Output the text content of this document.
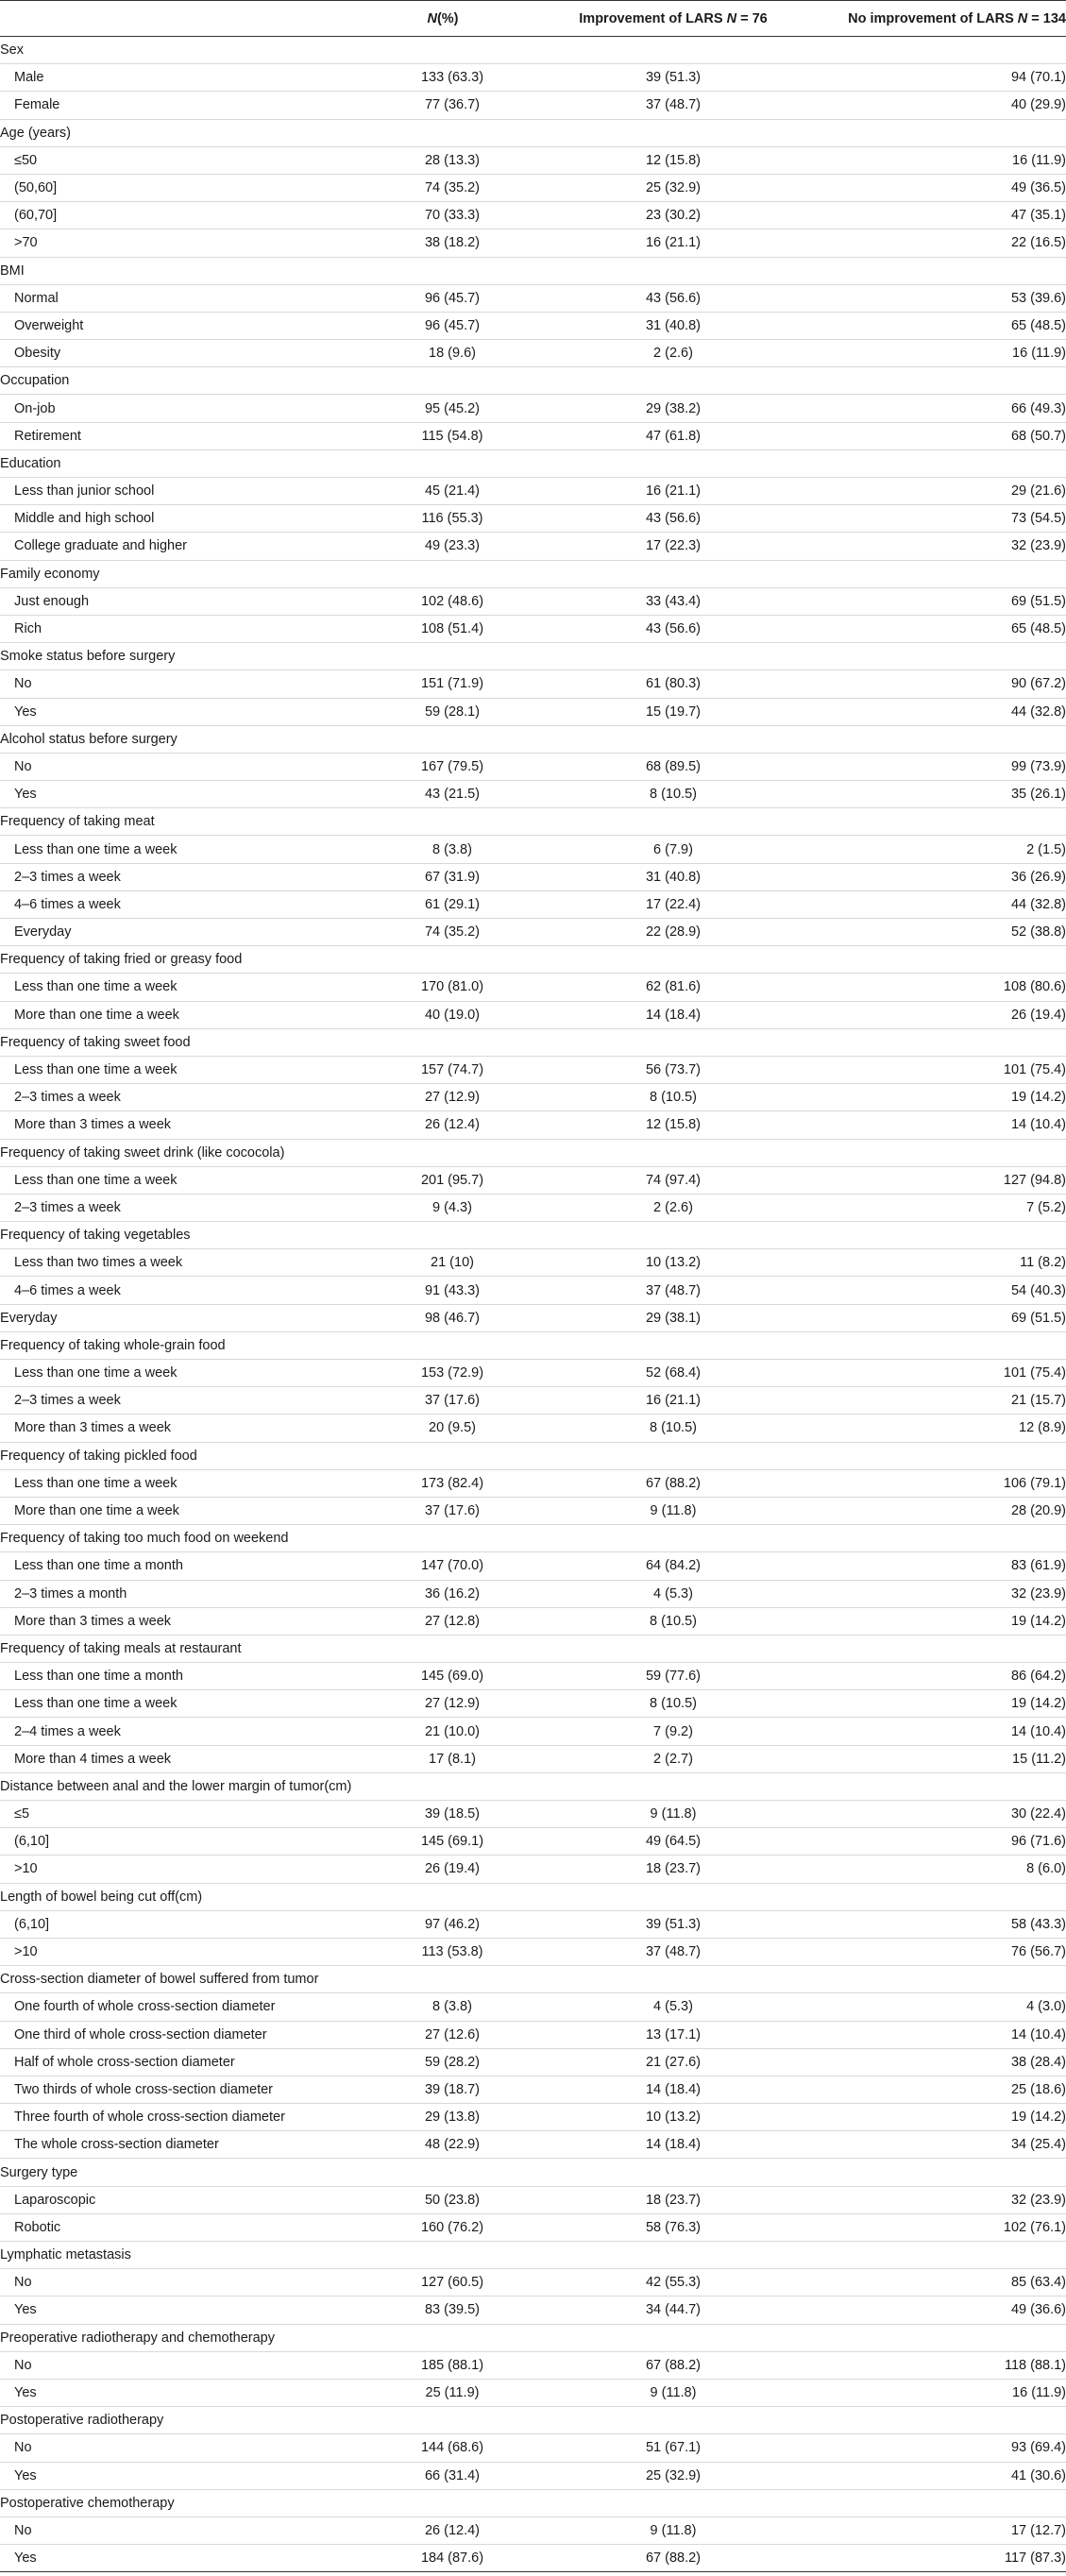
	N(%)	Improvement of LARS N = 76	No improvement of LARS N = 134
Sex			
Male	133 (63.3)	39 (51.3)	94 (70.1)
Female	77 (36.7)	37 (48.7)	40 (29.9)
Age (years)			
≤50	28 (13.3)	12 (15.8)	16 (11.9)
(50,60]	74 (35.2)	25 (32.9)	49 (36.5)
(60,70]	70 (33.3)	23 (30.2)	47 (35.1)
>70	38 (18.2)	16 (21.1)	22 (16.5)
BMI			
Normal	96 (45.7)	43 (56.6)	53 (39.6)
Overweight	96 (45.7)	31 (40.8)	65 (48.5)
Obesity	18 (9.6)	2 (2.6)	16 (11.9)
Occupation			
On-job	95 (45.2)	29 (38.2)	66 (49.3)
Retirement	115 (54.8)	47 (61.8)	68 (50.7)
Education			
Less than junior school	45 (21.4)	16 (21.1)	29 (21.6)
Middle and high school	116 (55.3)	43 (56.6)	73 (54.5)
College graduate and higher	49 (23.3)	17 (22.3)	32 (23.9)
Family economy			
Just enough	102 (48.6)	33 (43.4)	69 (51.5)
Rich	108 (51.4)	43 (56.6)	65 (48.5)
Smoke status before surgery			
No	151 (71.9)	61 (80.3)	90 (67.2)
Yes	59 (28.1)	15 (19.7)	44 (32.8)
Alcohol status before surgery			
No	167 (79.5)	68 (89.5)	99 (73.9)
Yes	43 (21.5)	8 (10.5)	35 (26.1)
Frequency of taking meat			
Less than one time a week	8 (3.8)	6 (7.9)	2 (1.5)
2–3 times a week	67 (31.9)	31 (40.8)	36 (26.9)
4–6 times a week	61 (29.1)	17 (22.4)	44 (32.8)
Everyday	74 (35.2)	22 (28.9)	52 (38.8)
Frequency of taking fried or greasy food			
Less than one time a week	170 (81.0)	62 (81.6)	108 (80.6)
More than one time a week	40 (19.0)	14 (18.4)	26 (19.4)
Frequency of taking sweet food			
Less than one time a week	157 (74.7)	56 (73.7)	101 (75.4)
2–3 times a week	27 (12.9)	8 (10.5)	19 (14.2)
More than 3 times a week	26 (12.4)	12 (15.8)	14 (10.4)
Frequency of taking sweet drink (like cococola)			
Less than one time a week	201 (95.7)	74 (97.4)	127 (94.8)
2–3 times a week	9 (4.3)	2 (2.6)	7 (5.2)
Frequency of taking vegetables			
Less than two times a week	21 (10)	10 (13.2)	11 (8.2)
4–6 times a week	91 (43.3)	37 (48.7)	54 (40.3)
Everyday	98 (46.7)	29 (38.1)	69 (51.5)
Frequency of taking whole-grain food			
Less than one time a week	153 (72.9)	52 (68.4)	101 (75.4)
2–3 times a week	37 (17.6)	16 (21.1)	21 (15.7)
More than 3 times a week	20 (9.5)	8 (10.5)	12 (8.9)
Frequency of taking pickled food			
Less than one time a week	173 (82.4)	67 (88.2)	106 (79.1)
More than one time a week	37 (17.6)	9 (11.8)	28 (20.9)
Frequency of taking too much food on weekend			
Less than one time a month	147 (70.0)	64 (84.2)	83 (61.9)
2–3 times a month	36 (16.2)	4 (5.3)	32 (23.9)
More than 3 times a week	27 (12.8)	8 (10.5)	19 (14.2)
Frequency of taking meals at restaurant			
Less than one time a month	145 (69.0)	59 (77.6)	86 (64.2)
Less than one time a week	27 (12.9)	8 (10.5)	19 (14.2)
2–4 times a week	21 (10.0)	7 (9.2)	14 (10.4)
More than 4 times a week	17 (8.1)	2 (2.7)	15 (11.2)
Distance between anal and the lower margin of tumor(cm)			
≤5	39 (18.5)	9 (11.8)	30 (22.4)
(6,10]	145 (69.1)	49 (64.5)	96 (71.6)
>10	26 (19.4)	18 (23.7)	8 (6.0)
Length of bowel being cut off(cm)			
(6,10]	97 (46.2)	39 (51.3)	58 (43.3)
>10	113 (53.8)	37 (48.7)	76 (56.7)
Cross-section diameter of bowel suffered from tumor			
One fourth of whole cross-section diameter	8 (3.8)	4 (5.3)	4 (3.0)
One third of whole cross-section diameter	27 (12.6)	13 (17.1)	14 (10.4)
Half of whole cross-section diameter	59 (28.2)	21 (27.6)	38 (28.4)
Two thirds of whole cross-section diameter	39 (18.7)	14 (18.4)	25 (18.6)
Three fourth of whole cross-section diameter	29 (13.8)	10 (13.2)	19 (14.2)
The whole cross-section diameter	48 (22.9)	14 (18.4)	34 (25.4)
Surgery type			
Laparoscopic	50 (23.8)	18 (23.7)	32 (23.9)
Robotic	160 (76.2)	58 (76.3)	102 (76.1)
Lymphatic metastasis			
No	127 (60.5)	42 (55.3)	85 (63.4)
Yes	83 (39.5)	34 (44.7)	49 (36.6)
Preoperative radiotherapy and chemotherapy			
No	185 (88.1)	67 (88.2)	118 (88.1)
Yes	25 (11.9)	9 (11.8)	16 (11.9)
Postoperative radiotherapy			
No	144 (68.6)	51 (67.1)	93 (69.4)
Yes	66 (31.4)	25 (32.9)	41 (30.6)
Postoperative chemotherapy			
No	26 (12.4)	9 (11.8)	17 (12.7)
Yes	184 (87.6)	67 (88.2)	117 (87.3)
